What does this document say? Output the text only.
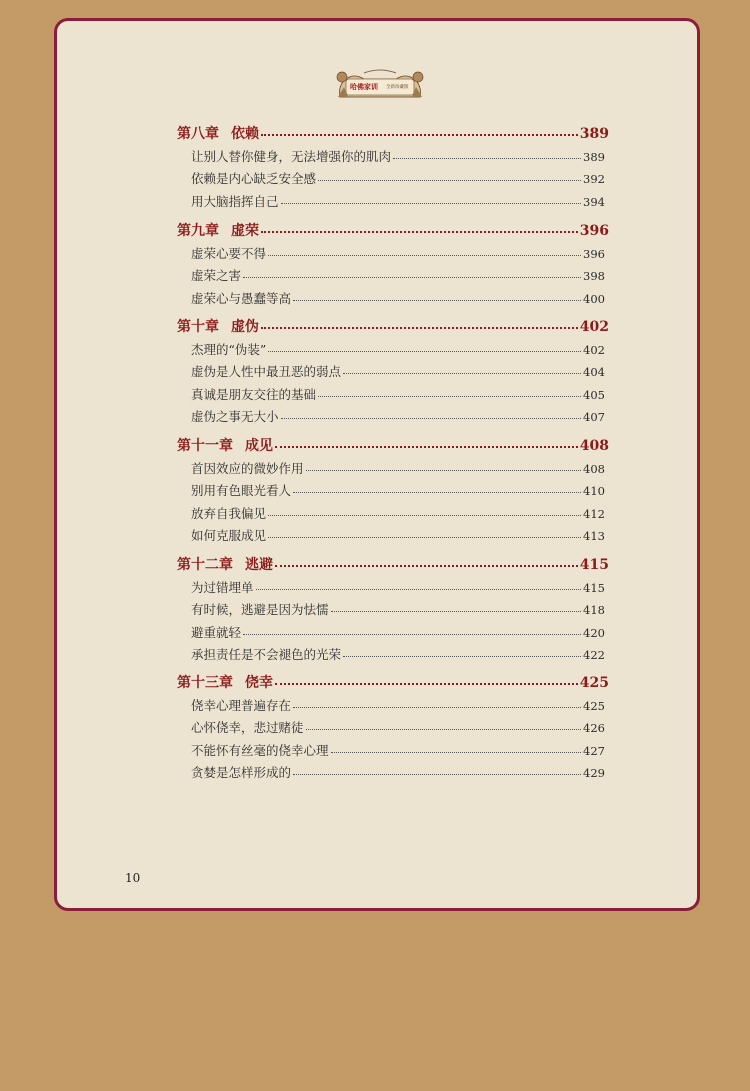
哈佛家训 全新珍藏版
第八章 依赖	389
让别人替你健身，无法增强你的肌肉	389
依赖是内心缺乏安全感	392
用大脑指挥自己	394
第九章 虚荣	396
虚荣心要不得	396
虚荣之害	398
虚荣心与愚蠢等高	400
第十章 虚伪	402
杰理的“伪装”	402
虚伪是人性中最丑恶的弱点	404
真诚是朋友交往的基础	405
虚伪之事无大小	407
第十一章 成见	408
首因效应的微妙作用	408
别用有色眼光看人	410
放弃自我偏见	412
如何克服成见	413
第十二章 逃避	415
为过错埋单	415
有时候，逃避是因为怯懦	418
避重就轻	420
承担责任是不会褪色的光荣	422
第十三章 侥幸	425
侥幸心理普遍存在	425
心怀侥幸，悲过赌徒	426
不能怀有丝毫的侥幸心理	427
贪婪是怎样形成的	429
10
